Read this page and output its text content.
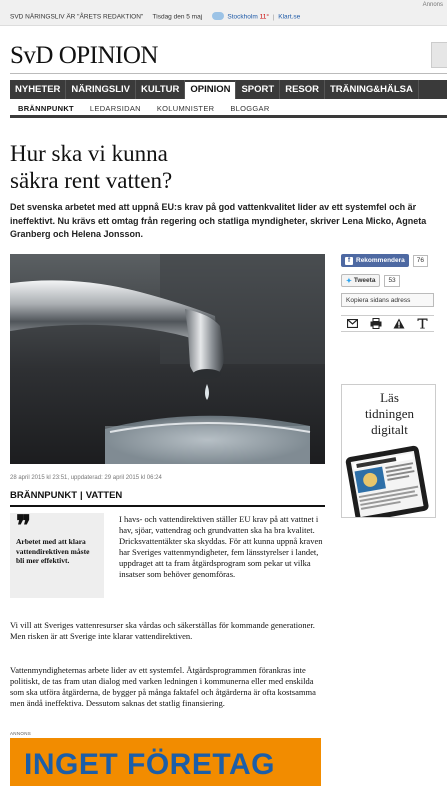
SVD NÄRINGSLIV ÄR "ÅRETS REDAKTION" Tisdag den 5 maj	Stockholm 11° | Klart.se
Annons
SvD OPINION
NYHETER	NÄRINGSLIV	KULTUR	OPINION	SPORT	RESOR	TRÄNING&HÄLSA
BRÄNNPUNKT	LEDARSIDAN	KOLUMNISTER	BLOGGAR
Hur ska vi kunna
säkra rent vatten?

Det svenska arbetet med att uppnå EU:s krav på god vattenkvalitet lider av ett systemfel och är ineffektivt. Nu krävs ett omtag från regering och statliga myndigheter, skriver Lena Micko, Agneta Granberg och Helena Jonsson.

28 april 2015 kl 23:51, uppdaterad: 29 april 2015 kl 06:24
BRÄNNPUNKT | VATTEN
❞
Arbetet med att klara vattendirektiven måste bli mer effektivt.

I havs- och vattendirektiven ställer EU krav på att vattnet i hav, sjöar, vattendrag och grundvatten ska ha bra kvalitet. Dricksvattentäkter ska skyddas. För att kunna uppnå kraven har Sveriges vattenmyndigheter, fem länsstyrelser i landet, uppdraget att ta fram åtgärdsprogram som pekar ut vilka insatser som behöver genomföras.

Vi vill att Sveriges vattenresurser ska vårdas och säkerställas för kommande generationer. Men risken är att Sverige inte klarar vattendirektiven.

Vattenmyndigheternas arbete lider av ett systemfel. Åtgärdsprogrammen förankras inte politiskt, de tas fram utan dialog med varken ledningen i kommunerna eller med enskilda som ska utföra åtgärderna, de bygger på många faktafel och åtgärderna är ofta kostsamma men ändå ineffektiva. Dessutom saknas det statlig finansiering.

ANNONS
INGET FÖRETAG
f Rekommendera	76
✦ Tweeta	53
Kopiera sidans adress
Läs
tidningen
digitalt
